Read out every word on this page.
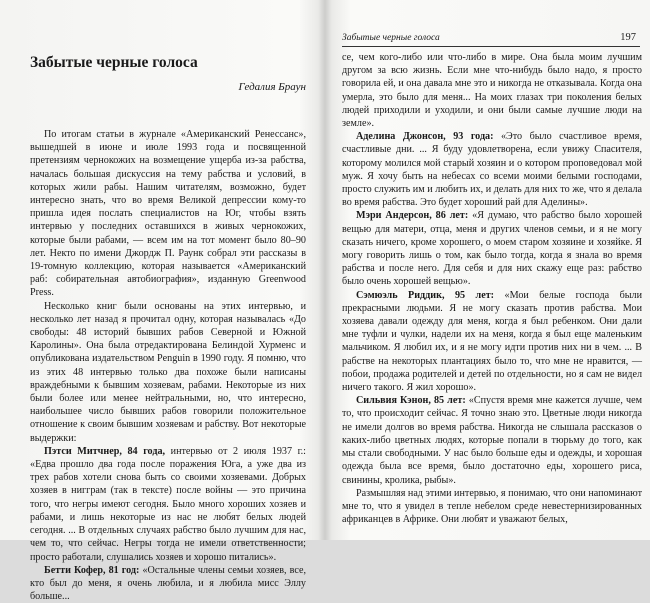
Забытые черные голоса
Гедалия Браун

По итогам статьи в журнале «Американский Ренессанс», вышедшей в июне и июле 1993 года и посвященной претензиям чернокожих на возмещение ущерба из-за рабства, началась большая дискуссия на тему рабства и условий, в которых жили рабы. Нашим читателям, возможно, будет интересно знать, что во время Великой депрессии кому-то пришла идея послать специалистов на Юг, чтобы взять интервью у последних оставшихся в живых чернокожих, которые были рабами, — всем им на тот момент было 80–90 лет. Некто по имени Джордж П. Раунк собрал эти рассказы в 19-томную коллекцию, которая называется «Американский раб: собирательная автобиография», изданную Greenwood Press.

Несколько книг были основаны на этих интервью, и несколько лет назад я прочитал одну, которая называлась «До свободы: 48 историй бывших рабов Северной и Южной Каролины». Она была отредактирована Белиндой Хурменс и опубликована издательством Penguin в 1990 году. Я помню, что из этих 48 интервью только два похоже были написаны враждебными к бывшим хозяевам, рабами. Некоторые из них были более или менее нейтральными, но, что интересно, наибольшее число бывших рабов говорили положительное отношение к своим бывшим хозяевам и рабству. Вот некоторые выдержки:

Пэтси Митчнер, 84 года, интервью от 2 июля 1937 г.: «Едва прошло два года после поражения Юга, а уже два из трех рабов хотели снова быть со своими хозяевами. Добрых хозяев в нигграм (так в тексте) после войны — это причина того, что негры имеют сегодня. Было много хороших хозяев и рабами, и лишь некоторые из нас не любят белых людей сегодня. ... В отдельных случаях рабство было лучшим для нас, чем то, что сейчас. Негры тогда не имели ответственности; просто работали, слушались хозяев и хорошо питались».

Бетти Кофер, 81 год: «Остальные члены семьи хозяев, все, кто был до меня, я очень любила, и я любила мисс Эллу больше...

Забытые черные голоса	197

се, чем кого-либо или что-либо в мире. Она была моим лучшим другом за всю жизнь. Если мне что-нибудь было надо, я просто говорила ей, и она давала мне это и никогда не отказывала. Когда она умерла, это было для меня... На моих глазах три поколения белых людей приходили и уходили, и они были самые лучшие люди на земле».

Аделина Джонсон, 93 года: «Это было счастливое время, счастливые дни. ... Я буду удовлетворена, если увижу Спасителя, которому молился мой старый хозяин и о котором проповедовал мой муж. Я хочу быть на небесах со всеми моими белыми господами, просто служить им и любить их, и делать для них то же, что я делала во время рабства. Это будет хороший рай для Аделины».

Мэри Андерсон, 86 лет: «Я думаю, что рабство было хорошей вещью для матери, отца, меня и других членов семьи, и я не могу сказать ничего, кроме хорошего, о моем старом хозяине и хозяйке. Я могу говорить лишь о том, как было тогда, когда я знала во время рабства и после него. Для себя и для них скажу еще раз: рабство было очень хорошей вещью».

Сэмюэль Риддик, 95 лет: «Мои белые господа были прекрасными людьми. Я не могу сказать против рабства. Мои хозяева давали одежду для меня, когда я был ребенком. Они дали мне туфли и чулки, надели их на меня, когда я был еще маленьким мальчиком. Я любил их, и я не могу идти против них ни в чем. ... В рабстве на некоторых плантациях было то, что мне не нравится, — побои, продажа родителей и детей по отдельности, но я сам не видел ничего такого. Я жил хорошо».

Сильвия Кэнон, 85 лет: «Спустя время мне кажется лучше, чем то, что происходит сейчас. Я точно знаю это. Цветные люди никогда не имели долгов во время рабства. Никогда не слышала рассказов о каких-либо цветных людях, которые попали в тюрьму до того, как мы стали свободными. У нас было больше еды и одежды, и хорошая одежда была все время, было достаточно еды, хорошего риса, свинины, кролика, рыбы».

Размышляя над этими интервью, я понимаю, что они напоминают мне то, что я увидел в тепле небелом среде невестернизированных африканцев в Африке. Они любят и уважают белых,
